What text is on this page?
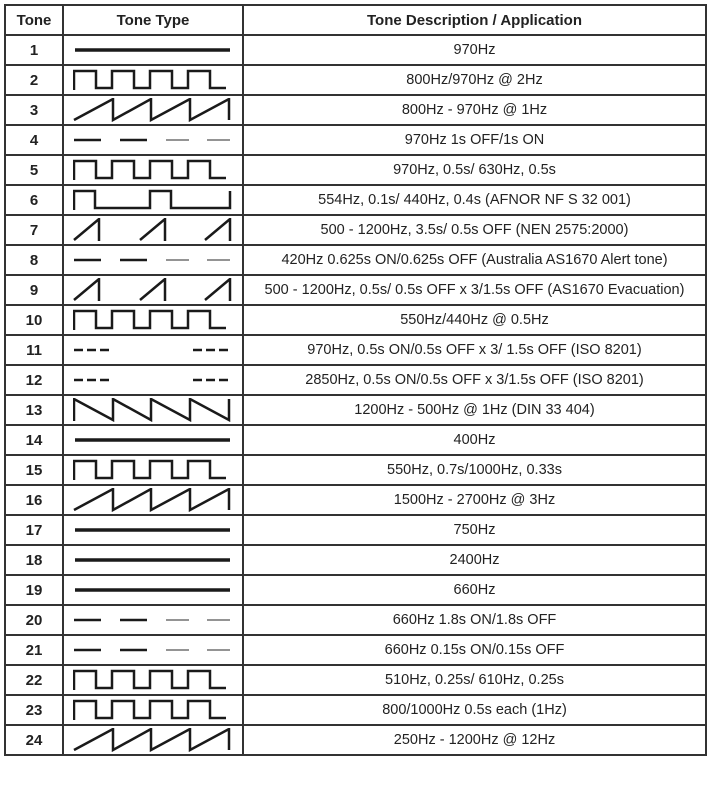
Tone	Tone Type	Tone Description / Application
1		970Hz
2		800Hz/970Hz @ 2Hz
3		800Hz - 970Hz @ 1Hz
4		970Hz 1s OFF/1s ON
5		970Hz, 0.5s/ 630Hz, 0.5s
6		554Hz, 0.1s/ 440Hz, 0.4s (AFNOR NF S 32 001)
7		500 - 1200Hz, 3.5s/ 0.5s OFF (NEN 2575:2000)
8		420Hz 0.625s ON/0.625s OFF (Australia AS1670 Alert tone)
9		500 - 1200Hz, 0.5s/ 0.5s OFF x 3/1.5s OFF (AS1670 Evacuation)
10		550Hz/440Hz @ 0.5Hz
11		970Hz, 0.5s ON/0.5s OFF x 3/ 1.5s OFF (ISO 8201)
12		2850Hz, 0.5s ON/0.5s OFF x 3/1.5s OFF (ISO 8201)
13		1200Hz - 500Hz @ 1Hz (DIN 33 404)
14		400Hz
15		550Hz, 0.7s/1000Hz, 0.33s
16		1500Hz - 2700Hz @ 3Hz
17		750Hz
18		2400Hz
19		660Hz
20		660Hz 1.8s ON/1.8s OFF
21		660Hz 0.15s ON/0.15s OFF
22		510Hz, 0.25s/ 610Hz, 0.25s
23		800/1000Hz 0.5s each (1Hz)
24		250Hz - 1200Hz @ 12Hz
